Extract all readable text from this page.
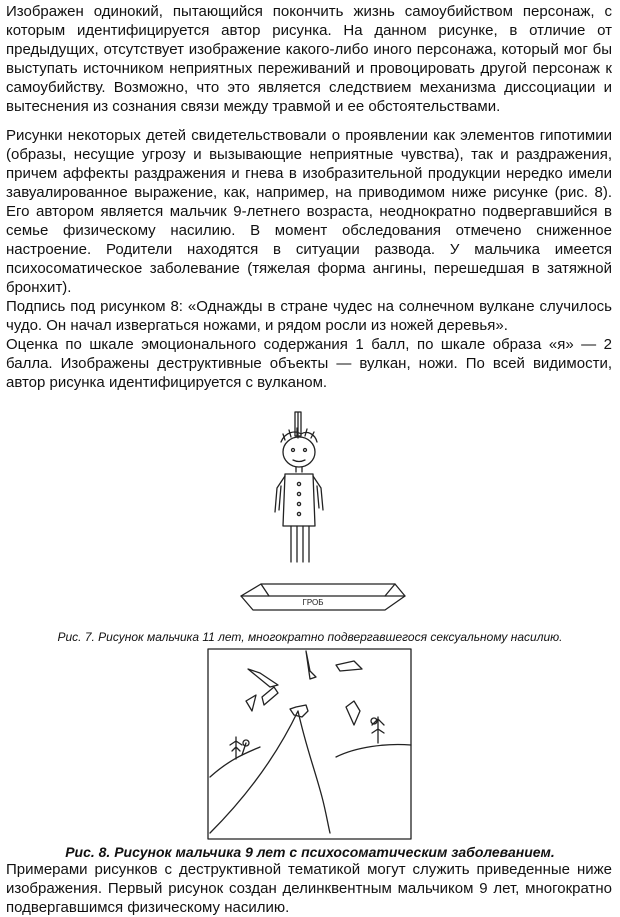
Изображен одинокий, пытающийся покончить жизнь самоубийством персонаж, с которым идентифицируется автор рисунка. На данном рисунке, в отличие от предыдущих, отсутствует изображение какого-либо иного персонажа, который мог бы выступать источником неприятных переживаний и провоцировать другой персонаж к самоубийству. Возможно, что это является следствием механизма диссоциации и вытеснения из сознания связи между травмой и ее обстоятельствами.

Рисунки некоторых детей свидетельствовали о проявлении как элементов гипотимии (образы, несущие угрозу и вызывающие неприятные чувства), так и раздражения, причем аффекты раздражения и гнева в изобразительной продукции нередко имели завуалированное выражение, как, например, на приводимом ниже рисунке (рис. 8). Его автором является мальчик 9-летнего возраста, неоднократно подвергавшийся в семье физическому насилию. В момент обследования отмечено сниженное настроение. Родители находятся в ситуации развода. У мальчика имеется психосоматическое заболевание (тяжелая форма ангины, перешедшая в затяжной бронхит).

Подпись под рисунком 8: «Однажды в стране чудес на солнечном вулкане случилось чудо. Он начал извергаться ножами, и рядом росли из ножей деревья».

Оценка по шкале эмоционального содержания 1 балл, по шкале образа «я» — 2 балла. Изображены деструктивные объекты — вулкан, ножи. По всей видимости, автор рисунка идентифицируется с вулканом.

ГРОБ

Рис. 7. Рисунок мальчика 11 лет, многократно подвергавшегося сексуальному насилию.

Рис. 8. Рисунок мальчика 9 лет с психосоматическим заболеванием.

Примерами рисунков с деструктивной тематикой могут служить приведенные ниже изображения. Первый рисунок создан делинквентным мальчиком 9 лет, многократно подвергавшимся физическому насилию.
